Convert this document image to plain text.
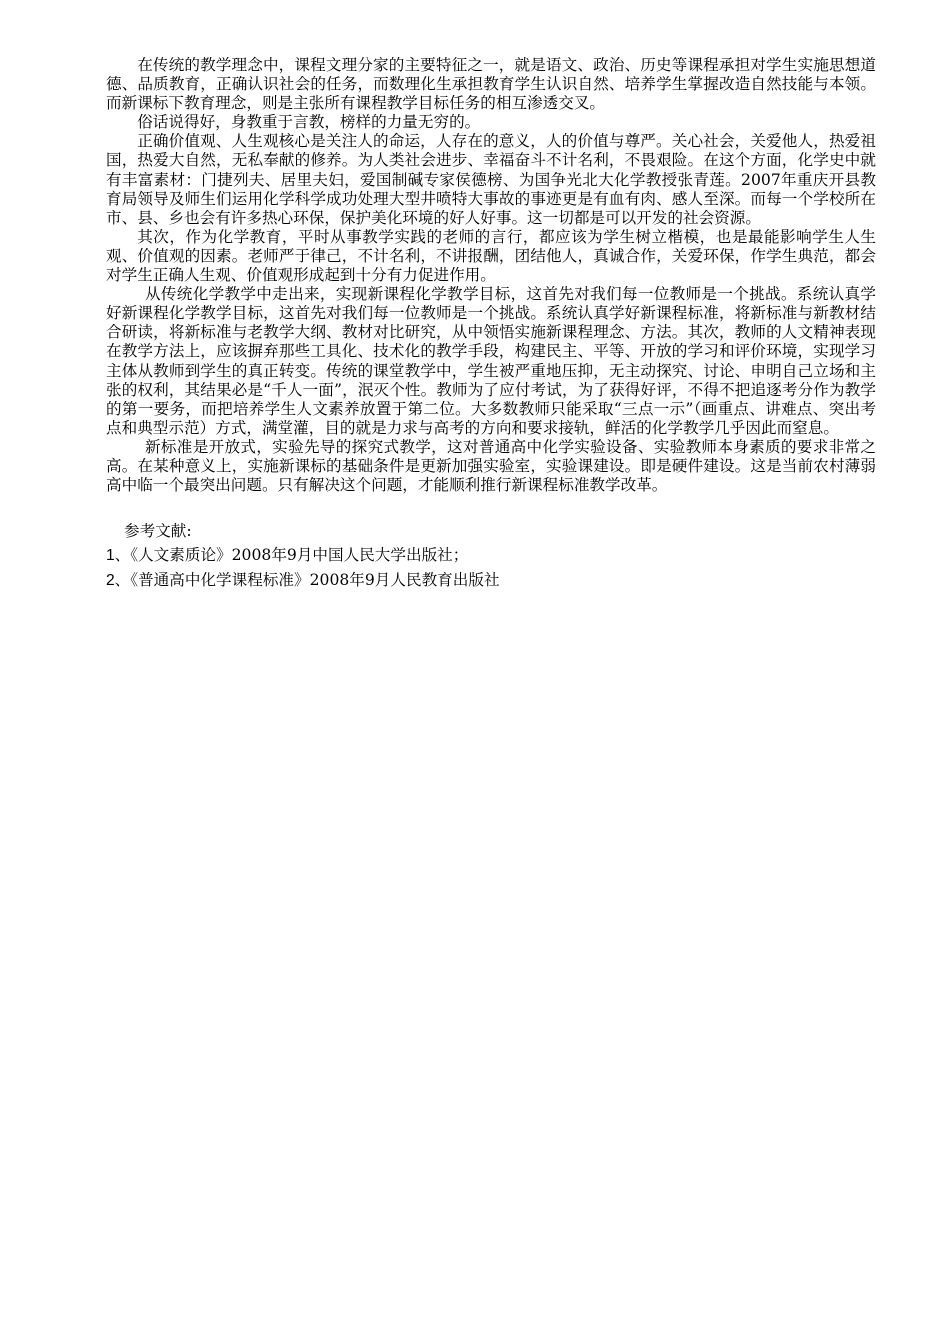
在传统的教学理念中，课程文理分家的主要特征之一，就是语文、政治、历史等课程承担对学生实施思想道德、品质教育，正确认识社会的任务，而数理化生承担教育学生认识自然、培养学生掌握改造自然技能与本领。而新课标下教育理念，则是主张所有课程教学目标任务的相互渗透交叉。

俗话说得好，身教重于言教，榜样的力量无穷的。

正确价值观、人生观核心是关注人的命运，人存在的意义，人的价值与尊严。关心社会，关爱他人，热爱祖国，热爱大自然，无私奉献的修养。为人类社会进步、幸福奋斗不计名利，不畏艰险。在这个方面，化学史中就有丰富素材：门捷列夫、居里夫妇，爱国制碱专家侯德榜、为国争光北大化学教授张青莲。2007年重庆开县教育局领导及师生们运用化学科学成功处理大型井喷特大事故的事迹更是有血有肉、感人至深。而每一个学校所在市、县、乡也会有许多热心环保，保护美化环境的好人好事。这一切都是可以开发的社会资源。

其次，作为化学教育，平时从事教学实践的老师的言行，都应该为学生树立楷模，也是最能影响学生人生观、价值观的因素。老师严于律己，不计名利，不讲报酬，团结他人，真诚合作，关爱环保，作学生典范，都会对学生正确人生观、价值观形成起到十分有力促进作用。

从传统化学教学中走出来，实现新课程化学教学目标，这首先对我们每一位教师是一个挑战。系统认真学好新课程化学教学目标，这首先对我们每一位教师是一个挑战。系统认真学好新课程标准，将新标准与新教材结合研读，将新标准与老教学大纲、教材对比研究，从中领悟实施新课程理念、方法。其次，教师的人文精神表现在教学方法上，应该摒弃那些工具化、技术化的教学手段，构建民主、平等、开放的学习和评价环境，实现学习主体从教师到学生的真正转变。传统的课堂教学中，学生被严重地压抑，无主动探究、讨论、申明自己立场和主张的权利，其结果必是“千人一面”，泯灭个性。教师为了应付考试，为了获得好评，不得不把追逐考分作为教学的第一要务，而把培养学生人文素养放置于第二位。大多数教师只能采取“三点一示”（画重点、讲难点、突出考点和典型示范）方式，满堂灌，目的就是力求与高考的方向和要求接轨，鲜活的化学教学几乎因此而窒息。

新标准是开放式，实验先导的探究式教学，这对普通高中化学实验设备、实验教师本身素质的要求非常之高。在某种意义上，实施新课标的基础条件是更新加强实验室，实验课建设。即是硬件建设。这是当前农村薄弱高中临一个最突出问题。只有解决这个问题，才能顺利推行新课程标准教学改革。

参考文献:
1、《人文素质论》2008年9月中国人民大学出版社；
2、《普通高中化学课程标准》2008年9月人民教育出版社
